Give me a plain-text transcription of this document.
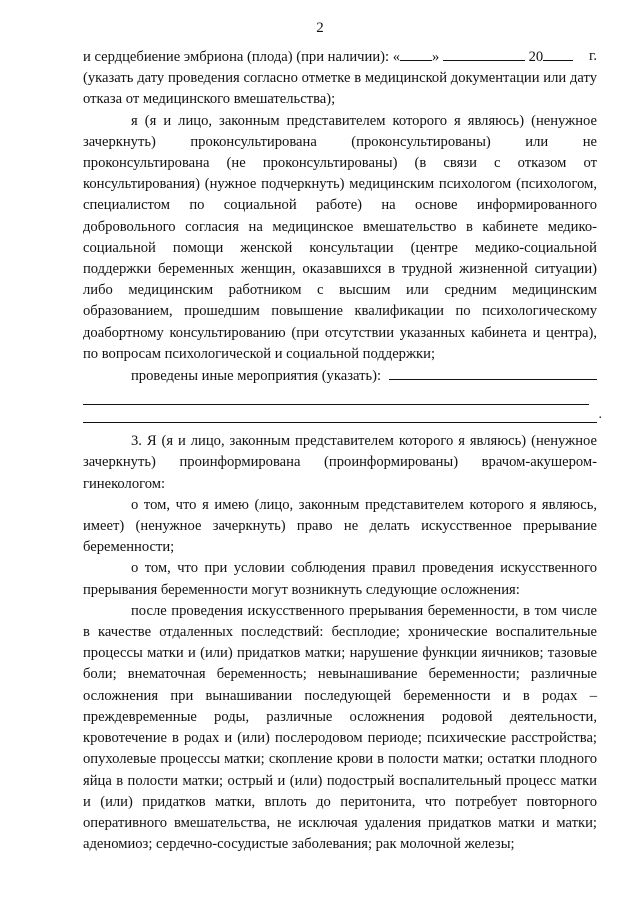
2

и сердцебиение эмбриона (плода) (при наличии): « »	20	г.
(указать дату проведения согласно отметке в медицинской документации или дату отказа от медицинского вмешательства);

я (я и лицо, законным представителем которого я являюсь) (ненужное зачеркнуть) проконсультирована (проконсультированы) или не проконсультирована (не проконсультированы) (в связи с отказом от консультирования) (нужное подчеркнуть) медицинским психологом (психологом, специалистом по социальной работе) на основе информированного добровольного согласия на медицинское вмешательство в кабинете медико-социальной помощи женской консультации (центре медико-социальной поддержки беременных женщин, оказавшихся в трудной жизненной ситуации) либо медицинским работником с высшим или средним медицинским образованием, прошедшим повышение квалификации по психологическому доабортному консультированию (при отсутствии указанных кабинета и центра), по вопросам психологической и социальной поддержки;

проведены иные мероприятия (указать):

.

3. Я (я и лицо, законным представителем которого я являюсь) (ненужное зачеркнуть) проинформирована (проинформированы) врачом-акушером-гинекологом:

о том, что я имею (лицо, законным представителем которого я являюсь, имеет) (ненужное зачеркнуть) право не делать искусственное прерывание беременности;

о том, что при условии соблюдения правил проведения искусственного прерывания беременности могут возникнуть следующие осложнения:

после проведения искусственного прерывания беременности, в том числе в качестве отдаленных последствий: бесплодие; хронические воспалительные процессы матки и (или) придатков матки; нарушение функции яичников; тазовые боли; внематочная беременность; невынашивание беременности; различные осложнения при вынашивании последующей беременности и в родах – преждевременные роды, различные осложнения родовой деятельности, кровотечение в родах и (или) послеродовом периоде; психические расстройства; опухолевые процессы матки; скопление крови в полости матки; остатки плодного яйца в полости матки; острый и (или) подострый воспалительный процесс матки и (или) придатков матки, вплоть до перитонита, что потребует повторного оперативного вмешательства, не исключая удаления придатков матки и матки; аденомиоз; сердечно-сосудистые заболевания; рак молочной железы;
